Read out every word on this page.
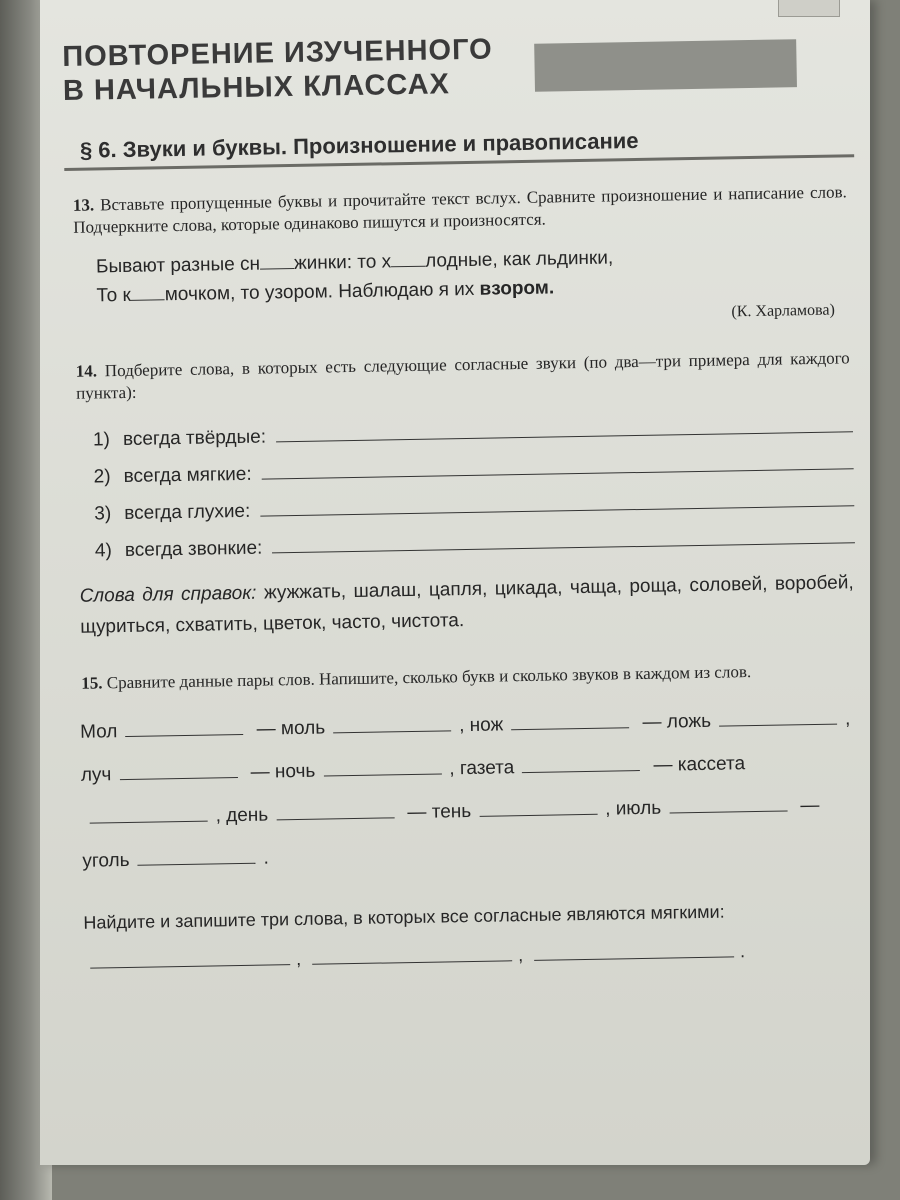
ПОВТОРЕНИЕ ИЗУЧЕННОГО
В НАЧАЛЬНЫХ КЛАССАХ
§ 6. Звуки и буквы. Произношение и правописание
13. Вставьте пропущенные буквы и прочитайте текст вслух. Сравните произношение и написание слов. Подчеркните слова, которые одинаково пишутся и произносятся.
Бывают разные сн жинки: то х лодные, как льдинки,
То к мочком, то узором. Наблюдаю я их взором.
(К. Харламова)
14. Подберите слова, в которых есть следующие согласные звуки (по два—три примера для каждого пункта):
1) всегда твёрдые:
2) всегда мягкие:
3) всегда глухие:
4) всегда звонкие:
Слова для справок: жужжать, шалаш, цапля, цикада, чаща, роща, соловей, воробей, щуриться, схватить, цветок, часто, чистота.
15. Сравните данные пары слов. Напишите, сколько букв и сколько звуков в каждом из слов.
Мол	— моль	, нож	— ложь	, луч	— ночь	, газета	— кассета, день	— тень	, июль	— уголь	.
Найдите и запишите три слова, в которых все согласные являются мягкими: ,	,	.
